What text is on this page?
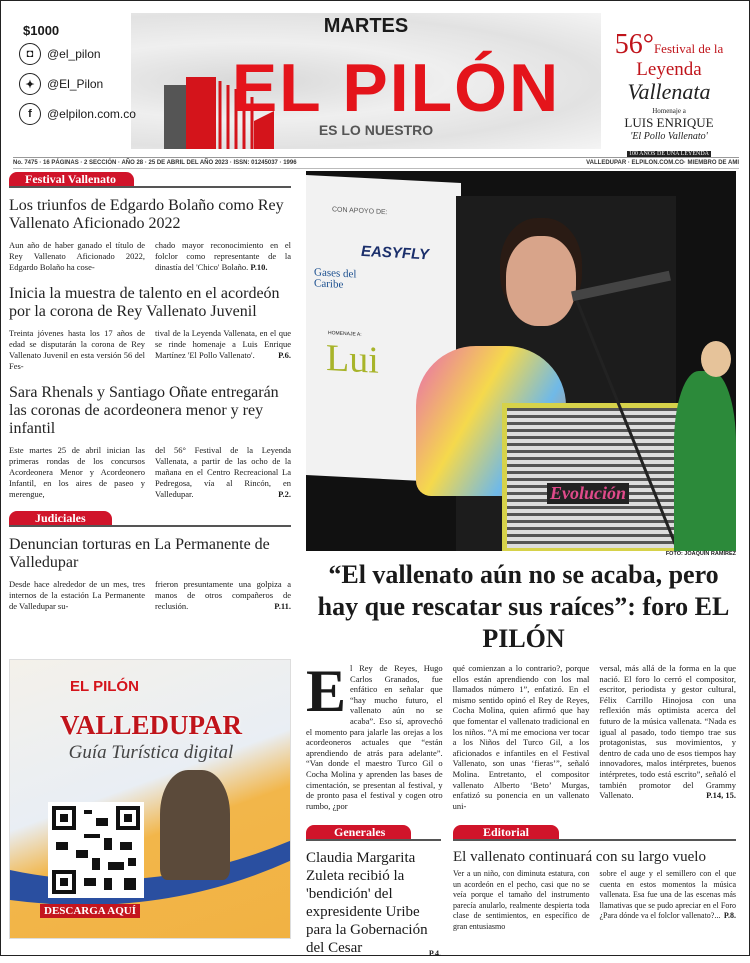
$1000
◘	@el_pilon
✦	@El_Pilon
f	@elpilon.com.co
MARTES
EL PILÓN
ES LO NUESTRO
56°Festival de la
Leyenda
Vallenata
Homenaje a
LUIS ENRIQUE
'El Pollo Vallenato'
100 AÑOS DE UNA LEYENDA
No. 7475 · 16 PÁGINAS · 2 SECCIÓN · AÑO 28 · 25 DE ABRIL DEL AÑO 2023 · ISSN: 01245037 · 1996	VALLEDUPAR · ELPILON.COM.CO· MIEMBRO DE AMI
Festival Vallenato
Los triunfos de Edgardo Bolaño como Rey Vallenato Aficionado 2022

Aun año de haber ganado el título de Rey Vallenato Aficionado 2022, Edgardo Bolaño ha cose-

chado mayor reconocimiento en el folclor como representante de la dinastía del 'Chico' Bolaño. P.10.

Inicia la muestra de talento en el acordeón por la corona de Rey Vallenato Juvenil

Treinta jóvenes hasta los 17 años de edad se disputarán la corona de Rey Vallenato Juvenil en esta versión 56 del Fes-

tival de la Leyenda Vallenata, en el que se rinde homenaje a Luis Enrique Martínez 'El Pollo Vallenato'.	P.6.

Sara Rhenals y Santiago Oñate entregarán las coronas de acordeonera menor y rey infantil

Este martes 25 de abril inician las primeras rondas de los concursos Acordeonera Menor y Acordeonero Infantil, en los aires de paseo y merengue,

del 56° Festival de la Leyenda Vallenata, a partir de las ocho de la mañana en el Centro Recreacional La Pedregosa, vía al Rincón, en Valledupar.	P.2.

Judiciales
Denuncian torturas en La Permanente de Valledupar

Desde hace alrededor de un mes, tres internos de la estación La Permanente de Valledupar su-

frieron presuntamente una golpiza a manos de otros compañeros de reclusión.	P.11.

EL PILÓN
VALLEDUPAR
Guía Turística digital
DESCARGA AQUÍ
CON APOYO DE:
EASYFLY
Gases del Caribe
HOMENAJE A:
Lui
Evolución
FOTO: JOAQUÍN RAMÍREZ
“El vallenato aún no se acaba, pero hay que rescatar sus raíces”: foro EL PILÓN

El Rey de Reyes, Hugo Carlos Granados, fue enfático en señalar que “hay mucho futuro, el vallenato aún no se acaba”. Eso sí, aprovechó el momento para jalarle las orejas a los acordeoneros actuales que “están aprendiendo de atrás para adelante”. “Van donde el maestro Turco Gil o Cocha Molina y aprenden las bases de cimentación, se presentan al festival, y de pronto pasa el festival y cogen otro rumbo, ¿por

qué comienzan a lo contrario?, porque ellos están aprendiendo con los mal llamados número 1”, enfatizó. En el mismo sentido opinó el Rey de Reyes, Cocha Molina, quien afirmó que hay que fomentar el vallenato tradicional en los niños. “A mí me emociona ver tocar a los Niños del Turco Gil, a los aficionados e infantiles en el Festival Vallenato, son unas ‘fieras’”, señaló Molina. Entretanto, el compositor vallenato Alberto ‘Beto’ Murgas, enfatizó su ponencia en un vallenato uni-

versal, más allá de la forma en la que nació. El foro lo cerró el compositor, escritor, periodista y gestor cultural, Félix Carrillo Hinojosa con una reflexión más optimista acerca del futuro de la música vallenata. “Nada es igual al pasado, todo tiempo trae sus protagonistas, sus movimientos, y dentro de cada uno de esos tiempos hay innovadores, malos intérpretes, buenos intérpretes, todo está escrito”, señaló el también promotor del Grammy Vallenato.	P.14, 15.

Generales
Claudia Margarita Zuleta recibió la 'bendición' del expresidente Uribe para la Gobernación del Cesar	P.4.
Editorial
El vallenato continuará con su largo vuelo

Ver a un niño, con diminuta estatura, con un acordeón en el pecho, casi que no se veía porque el tamaño del instrumento parecía anularlo, realmente despierta toda clase de sentimientos, en específico de gran entusiasmo

sobre el auge y el semillero con el que cuenta en estos momentos la música vallenata. Esa fue una de las escenas más llamativas que se pudo apreciar en el Foro ¿Para dónde va el folclor vallenato?... P.8.
